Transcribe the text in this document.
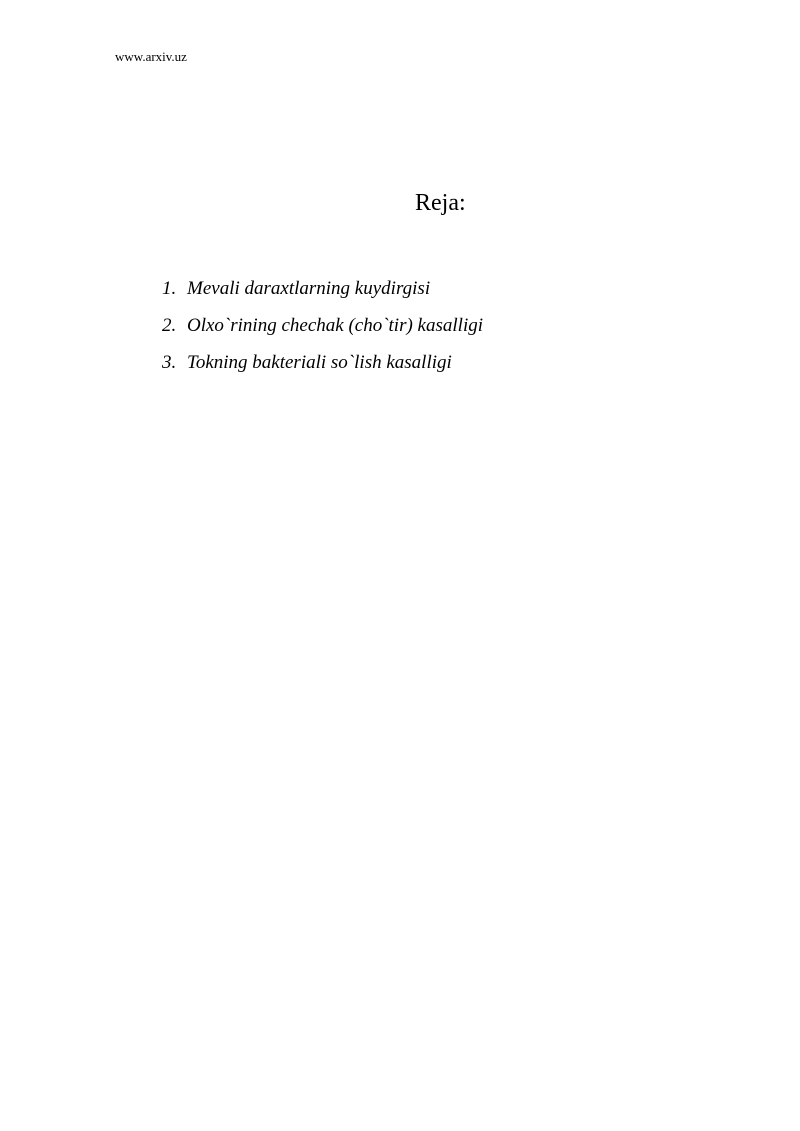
www.arxiv.uz
Reja:
1. Mevali daraxtlarning kuydirgisi
2. Olxo`rining chechak (cho`tir) kasalligi
3. Tokning bakteriali so`lish kasalligi
